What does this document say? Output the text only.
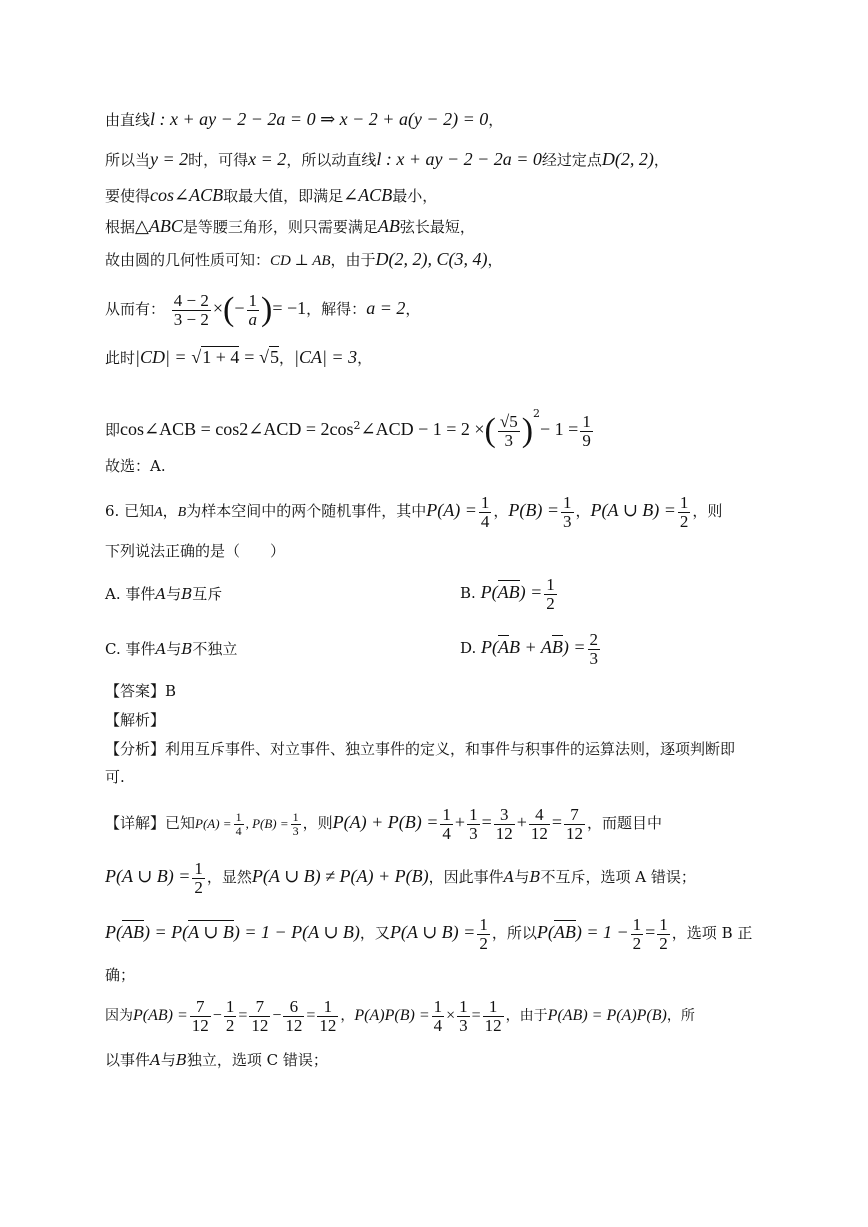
由直线l : x + ay − 2 − 2a = 0 ⇒ x − 2 + a(y − 2) = 0，
所以当y = 2时，可得x = 2，所以动直线l : x + ay − 2 − 2a = 0经过定点D(2, 2)，
要使得cos∠ACB取最大值，即满足∠ACB最小，
根据△ABC是等腰三角形，则只需要满足AB弦长最短，
故由圆的几何性质可知：CD ⊥ AB，由于D(2, 2), C(3, 4)，
从而有： $\frac{4 - 2}{3 - 2}$ ×(− $\frac{1}{a}$ )= −1，解得：a = 2，
此时|CD| = √1 + 4 = √5，|CA| = 3，
即cos∠ACB = cos2∠ACD = $2\cos^2\angle ACD - 1 = 2$ ×( $\frac{√5}{3} )^2- 1 = \frac{1}{9}$
故选：A.
6. 已知A，B为样本空间中的两个随机事件，其中$P(A) = \frac{1}{4}$ ，$P(B) = \frac{1}{3}$ ，P(A ∪ $B) = \frac{1}{2}$ ，则
下列说法正确的是（　　）
A. 事件A与B互斥	B. $P(AB) = \frac{1}{2}$
C. 事件A与B不独立	D. $P(AB + AB) = \frac{2}{3}$
【答案】B
【解析】
【分析】利用互斥事件、对立事件、独立事件的定义，和事件与积事件的运算法则，逐项判断即
可.
【详解】已知$P(A) = \frac{1}{4}$ , $P(B) = \frac{1}{3}$ ，则$P(A) + P(B) = \frac{1}{4} + \frac{1}{3} = \frac{3}{12} + \frac{4}{12} = \frac{7}{12}$ ，而题目中
P(A ∪ $B) = \frac{1}{2}$ ，显然P(A ∪ B) ≠ P(A) + P(B)，因此事件A与B不互斥，选项 A 错误；
P(AB) = P(A ∪ B) = 1 − P(A ∪ B)，又P(A ∪ $B) = \frac{1}{2}$ ，所以$P(AB) = 1 - \frac{1}{2} = \frac{1}{2}$ ，选项 B 正
确；
因为$P(AB) = \frac{7}{12} - \frac{1}{2} = \frac{7}{12} - \frac{6}{12} = \frac{1}{12}$ ，$P(A)P(B) = \frac{1}{4} \times \frac{1}{3} = \frac{1}{12}$ ，由于P(AB) = P(A)P(B)，所
以事件A与B独立，选项 C 错误；
